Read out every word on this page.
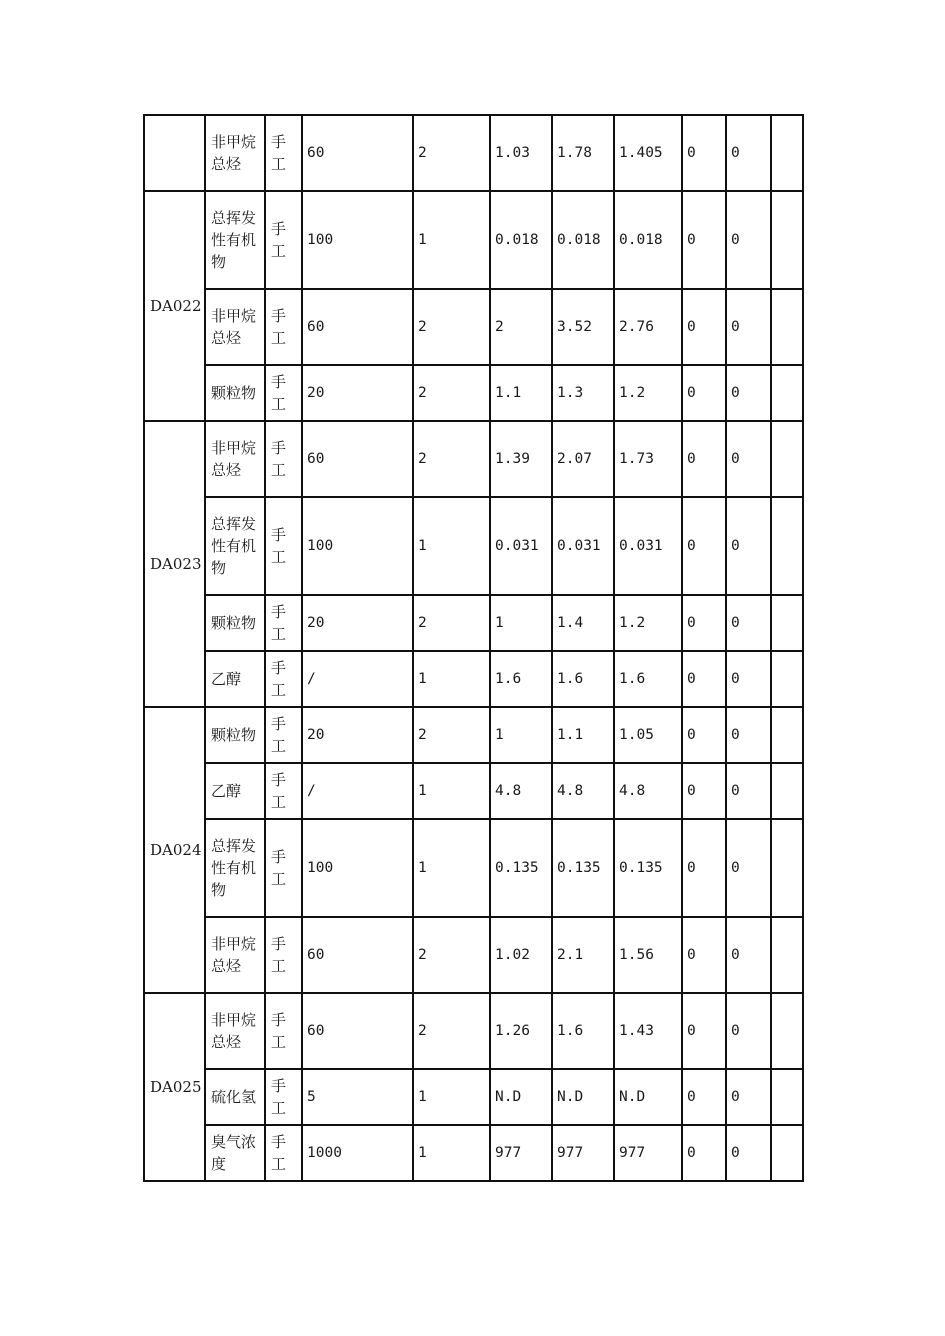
	非甲烷总烃	手工	60	2	1.03	1.78	1.405	0	0	
DA022	总挥发性有机物	手工	100	1	0.018	0.018	0.018	0	0	
	非甲烷总烃	手工	60	2	2	3.52	2.76	0	0	
	颗粒物	手工	20	2	1.1	1.3	1.2	0	0	
DA023	非甲烷总烃	手工	60	2	1.39	2.07	1.73	0	0	
	总挥发性有机物	手工	100	1	0.031	0.031	0.031	0	0	
	颗粒物	手工	20	2	1	1.4	1.2	0	0	
	乙醇	手工	/	1	1.6	1.6	1.6	0	0	
DA024	颗粒物	手工	20	2	1	1.1	1.05	0	0	
	乙醇	手工	/	1	4.8	4.8	4.8	0	0	
	总挥发性有机物	手工	100	1	0.135	0.135	0.135	0	0	
	非甲烷总烃	手工	60	2	1.02	2.1	1.56	0	0	
DA025	非甲烷总烃	手工	60	2	1.26	1.6	1.43	0	0	
	硫化氢	手工	5	1	N.D	N.D	N.D	0	0	
	臭气浓度	手工	1000	1	977	977	977	0	0	
